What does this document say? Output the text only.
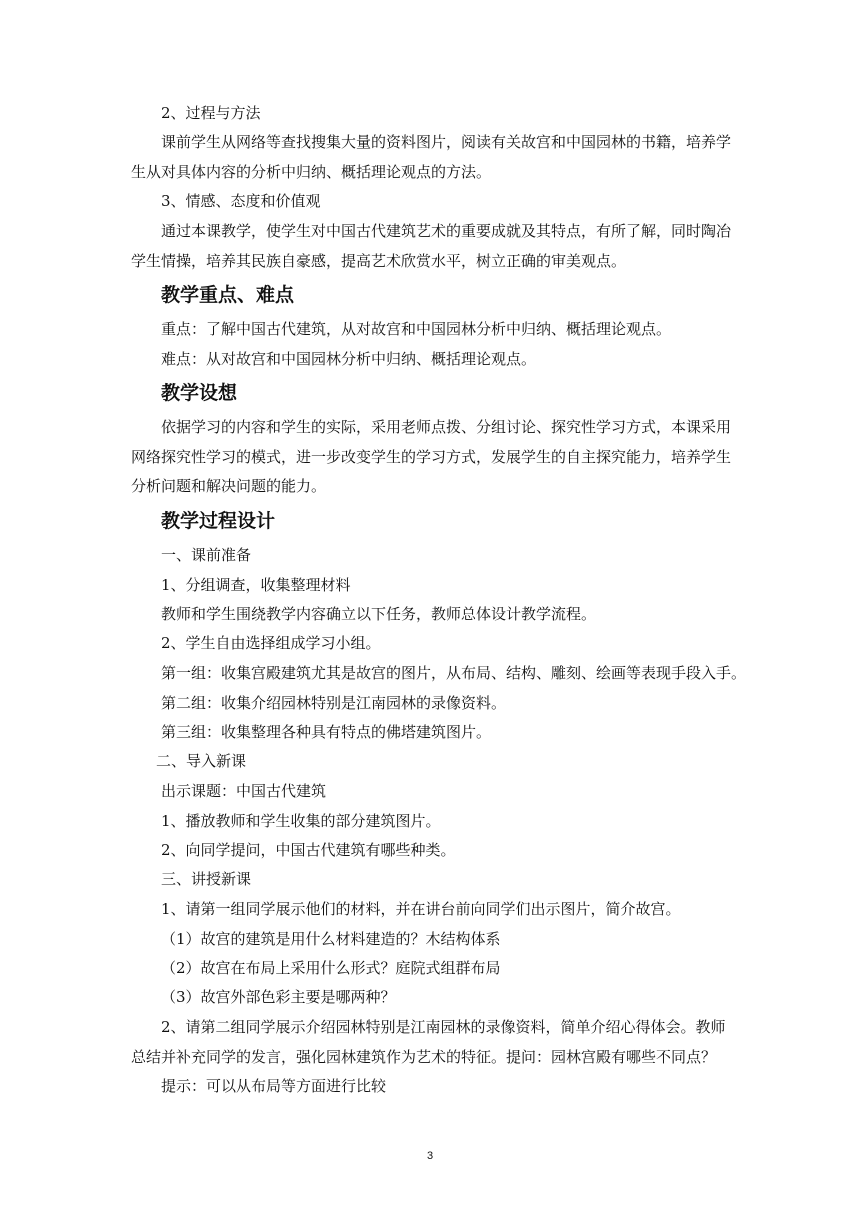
2、过程与方法
课前学生从网络等查找搜集大量的资料图片，阅读有关故宫和中国园林的书籍，培养学
生从对具体内容的分析中归纳、概括理论观点的方法。
3、情感、态度和价值观
通过本课教学，使学生对中国古代建筑艺术的重要成就及其特点，有所了解，同时陶冶
学生情操，培养其民族自豪感，提高艺术欣赏水平，树立正确的审美观点。
教学重点、难点
重点：了解中国古代建筑，从对故宫和中国园林分析中归纳、概括理论观点。
难点：从对故宫和中国园林分析中归纳、概括理论观点。
教学设想
依据学习的内容和学生的实际，采用老师点拨、分组讨论、探究性学习方式，本课采用
网络探究性学习的模式，进一步改变学生的学习方式，发展学生的自主探究能力，培养学生
分析问题和解决问题的能力。
教学过程设计
一、课前准备
1、分组调查，收集整理材料
教师和学生围绕教学内容确立以下任务，教师总体设计教学流程。
2、学生自由选择组成学习小组。
第一组：收集宫殿建筑尤其是故宫的图片，从布局、结构、雕刻、绘画等表现手段入手。
第二组：收集介绍园林特别是江南园林的录像资料。
第三组：收集整理各种具有特点的佛塔建筑图片。
二、导入新课
出示课题：中国古代建筑
1、播放教师和学生收集的部分建筑图片。
2、向同学提问，中国古代建筑有哪些种类。
三、讲授新课
1、请第一组同学展示他们的材料，并在讲台前向同学们出示图片，简介故宫。
（1）故宫的建筑是用什么材料建造的？木结构体系
（2）故宫在布局上采用什么形式？庭院式组群布局
（3）故宫外部色彩主要是哪两种？
2、请第二组同学展示介绍园林特别是江南园林的录像资料，简单介绍心得体会。教师
总结并补充同学的发言，强化园林建筑作为艺术的特征。提问：园林宫殿有哪些不同点？
提示：可以从布局等方面进行比较
3
